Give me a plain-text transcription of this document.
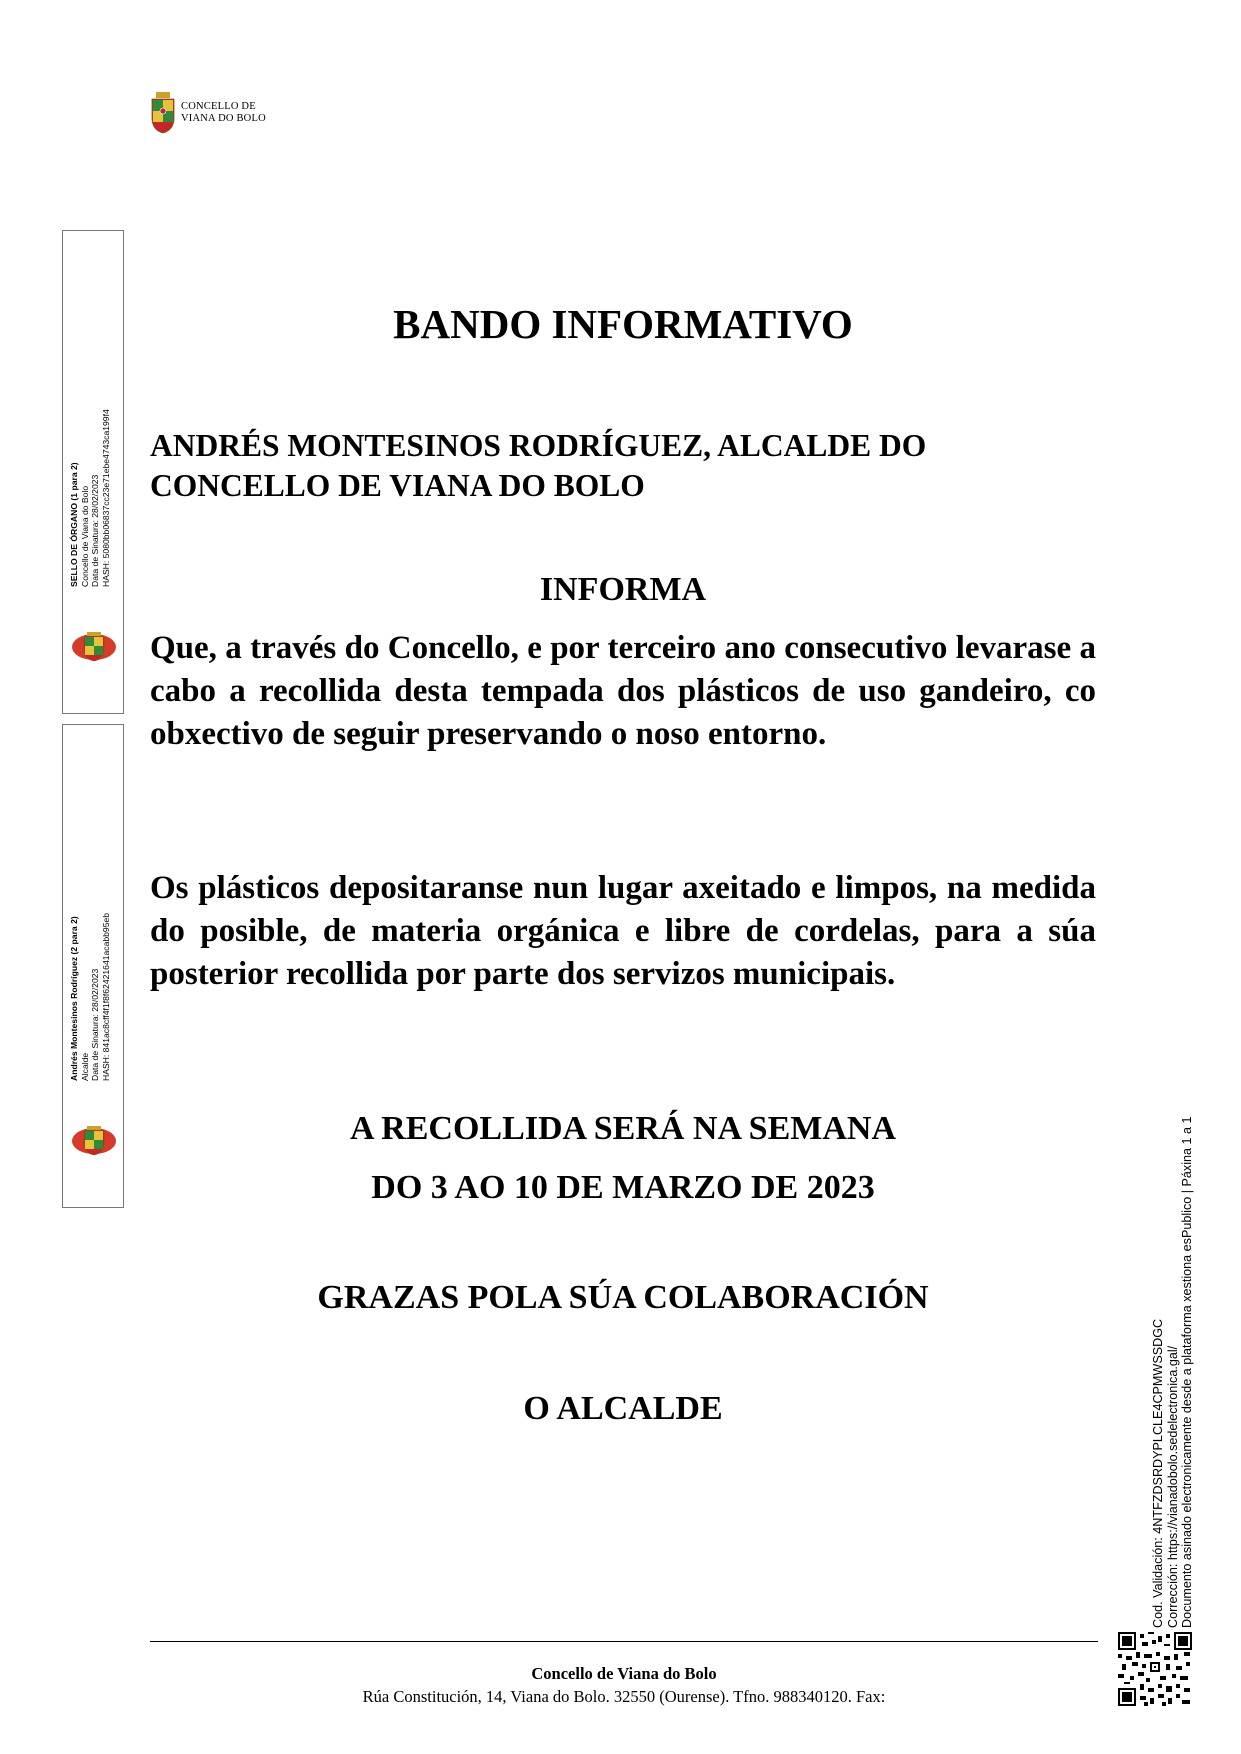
CONCELLO DE
VIANA DO BOLO
SELLO DE ÓRGANO (1 para 2) Concello de Viana do Bolo Data de Sinatura: 28/02/2023 HASH: 5080bb06837cc23e71ebe4743ca199f4
Andrés Montesinos Rodríguez (2 para 2) Alcalde Data de Sinatura: 28/02/2023 HASH: 841ac8cff4f1f8f62421641acabb95eb
BANDO INFORMATIVO
ANDRÉS MONTESINOS RODRÍGUEZ, ALCALDE DO
CONCELLO DE VIANA DO BOLO
INFORMA
Que, a través do Concello, e por terceiro ano consecutivo levarase a cabo a recollida desta tempada dos plásticos de uso gandeiro, co obxectivo de seguir preservando o noso entorno.
Os plásticos depositaranse nun lugar axeitado e limpos, na medida do posible, de materia orgánica e libre de cordelas, para a súa posterior recollida por parte dos servizos municipais.
A RECOLLIDA SERÁ NA SEMANA
DO 3 AO 10 DE MARZO DE 2023
GRAZAS POLA SÚA COLABORACIÓN
O ALCALDE	Cod. Validación: 4NTFZDSRDYPLCLE4CPMWSSDGC Corrección: https://vianadobolo.sedelectronica.gal/ Documento asinado electronicamente desde a plataforma xestiona esPublico | Páxina 1 a 1
Concello de Viana do Bolo
Rúa Constitución, 14, Viana do Bolo. 32550 (Ourense). Tfno. 988340120. Fax:
